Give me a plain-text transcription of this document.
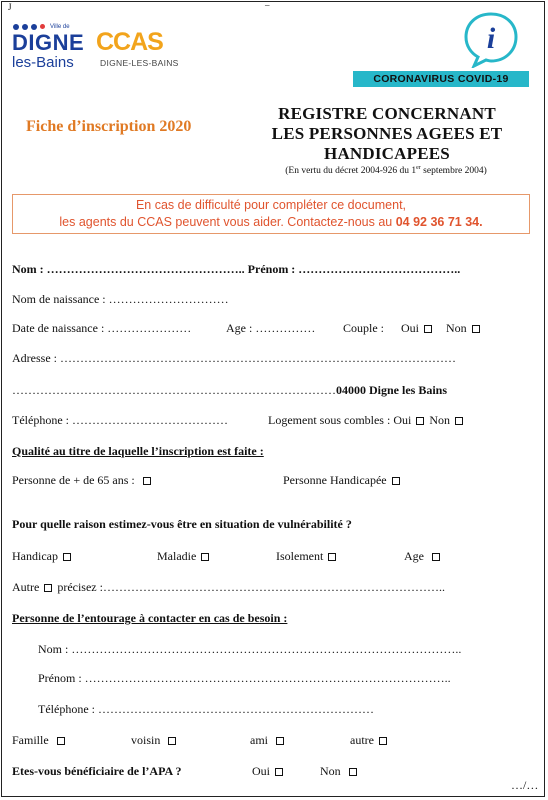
J	–
Ville de
DIGNE
les-Bains
CCAS
DIGNE-LES-BAINS
i
CORONAVIRUS COVID-19
Fiche d’inscription 2020
REGISTRE CONCERNANT
LES PERSONNES AGEES ET
HANDICAPEES
(En vertu du décret 2004-926 du 1er septembre 2004)
En cas de difficulté pour compléter ce document,
les agents du CCAS peuvent vous aider. Contactez-nous au 04 92 36 71 34.
Nom : ………………………………………….. Prénom : …………………………………..
Nom de naissance : …………………………
Date de naissance : …………………	Age : …………… Couple : Oui	Non
Adresse : ………………………………………………………………………………………
………………………………………………………………………04000 Digne les Bains
Téléphone : …………………………………	Logement sous combles : Oui Non
Qualité au titre de laquelle l’inscription est faite :
Personne de + de 65 ans :	Personne Handicapée
Pour quelle raison estimez-vous être en situation de vulnérabilité ?
Handicap	Maladie	Isolement	Age
Autre précisez :…………………………………………………………………………..
Personne de l’entourage à contacter en cas de besoin :
Nom : ……………………………………………………………………………………..
Prénom : ………………………………………………………………………………..
Téléphone : ……………………………………………………………
Famille	voisin	ami	autre
Etes-vous bénéficiaire de l’APA ?	Oui	Non
…/…
